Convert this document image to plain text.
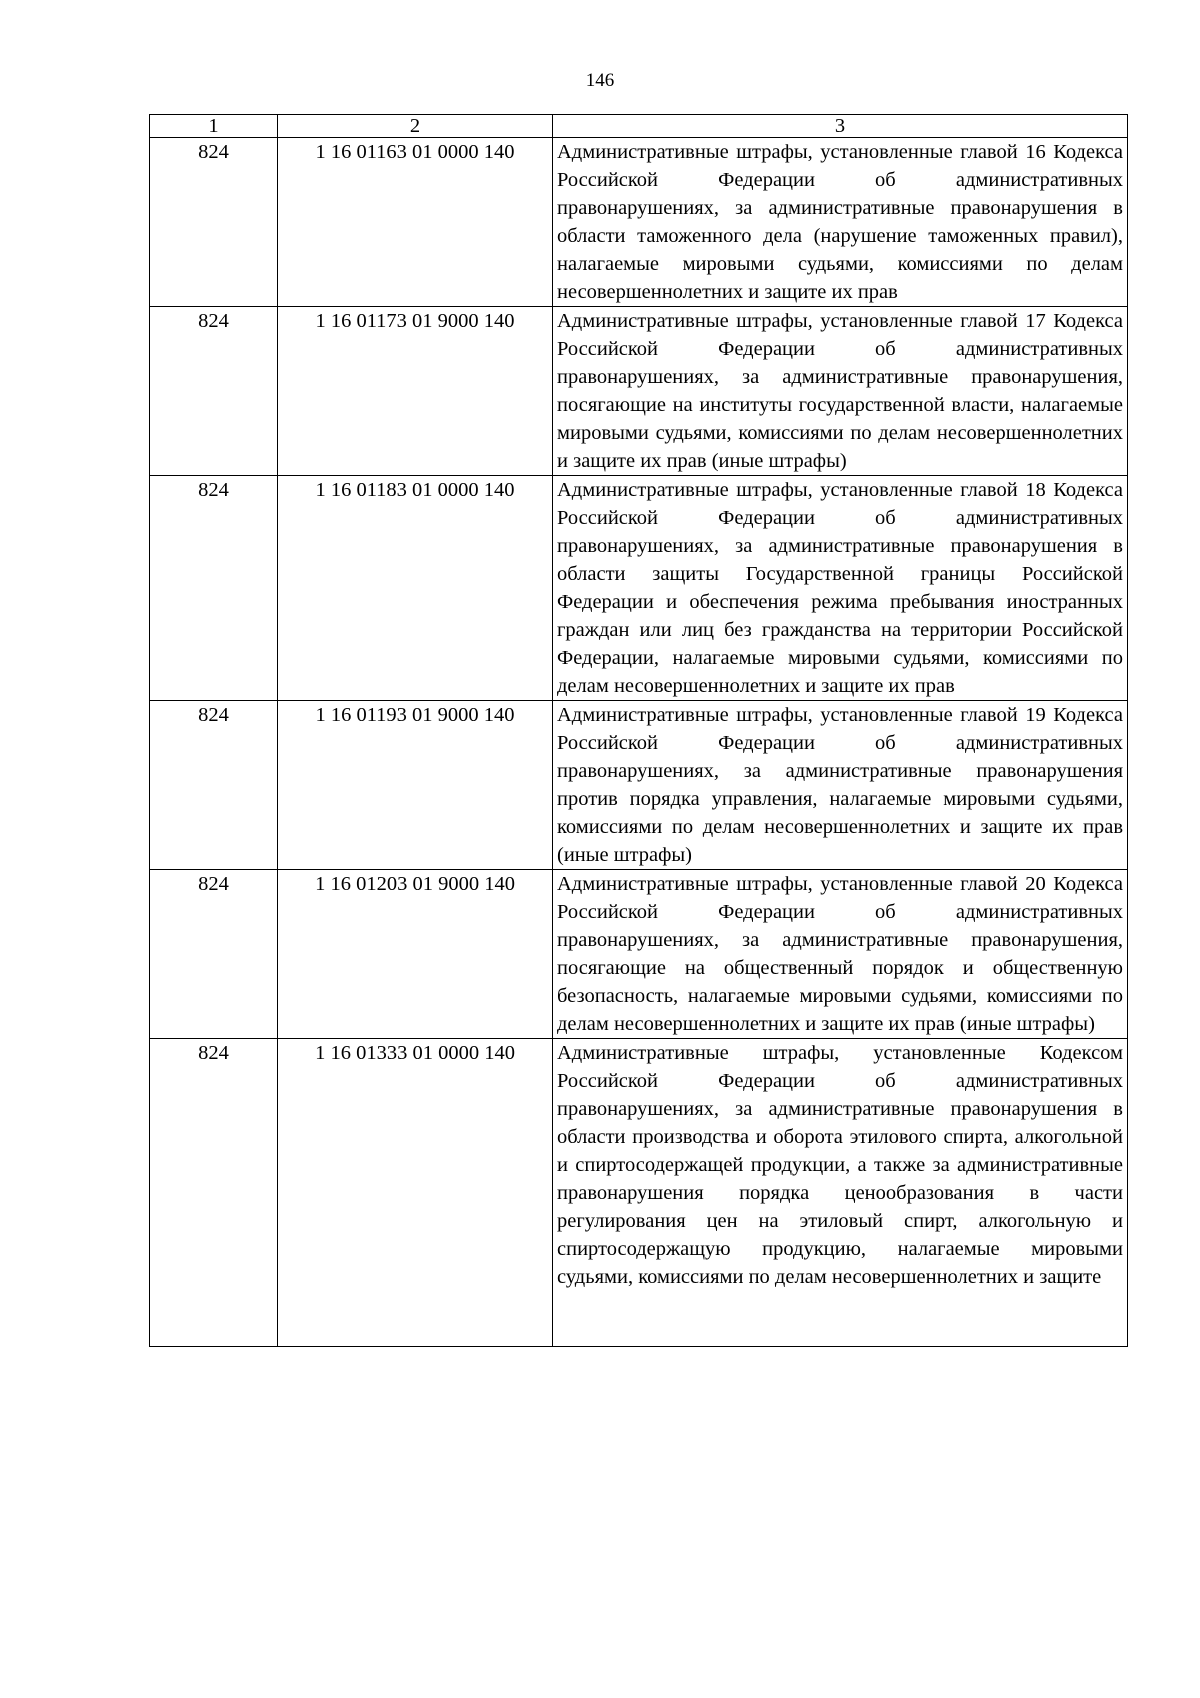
146
1	2	3
824	1 16 01163 01 0000 140	Административные штрафы, установленные главой 16 Кодекса Российской Федерации об административных правонарушениях, за административные правонарушения в области таможенного дела (нарушение таможенных правил), налагаемые мировыми судьями, комиссиями по делам несовершеннолетних и защите их прав
824	1 16 01173 01 9000 140	Административные штрафы, установленные главой 17 Кодекса Российской Федерации об административных правонарушениях, за административные правонарушения, посягающие на институты государственной власти, налагаемые мировыми судьями, комиссиями по делам несовершеннолетних и защите их прав (иные штрафы)
824	1 16 01183 01 0000 140	Административные штрафы, установленные главой 18 Кодекса Российской Федерации об административных правонарушениях, за административные правонарушения в области защиты Государственной границы Российской Федерации и обеспечения режима пребывания иностранных граждан или лиц без гражданства на территории Российской Федерации, налагаемые мировыми судьями, комиссиями по делам несовершеннолетних и защите их прав
824	1 16 01193 01 9000 140	Административные штрафы, установленные главой 19 Кодекса Российской Федерации об административных правонарушениях, за административные правонарушения против порядка управления, налагаемые мировыми судьями, комиссиями по делам несовершеннолетних и защите их прав (иные штрафы)
824	1 16 01203 01 9000 140	Административные штрафы, установленные главой 20 Кодекса Российской Федерации об административных правонарушениях, за административные правонарушения, посягающие на общественный порядок и общественную безопасность, налагаемые мировыми судьями, комиссиями по делам несовершеннолетних и защите их прав (иные штрафы)
824	1 16 01333 01 0000 140	Административные штрафы, установленные Кодексом Российской Федерации об административных правонарушениях, за административные правонарушения в области производства и оборота этилового спирта, алкогольной и спиртосодержащей продукции, а также за административные правонарушения порядка ценообразования в части регулирования цен на этиловый спирт, алкогольную и спиртосодержащую продукцию, налагаемые мировыми судьями, комиссиями по делам несовершеннолетних и защите
